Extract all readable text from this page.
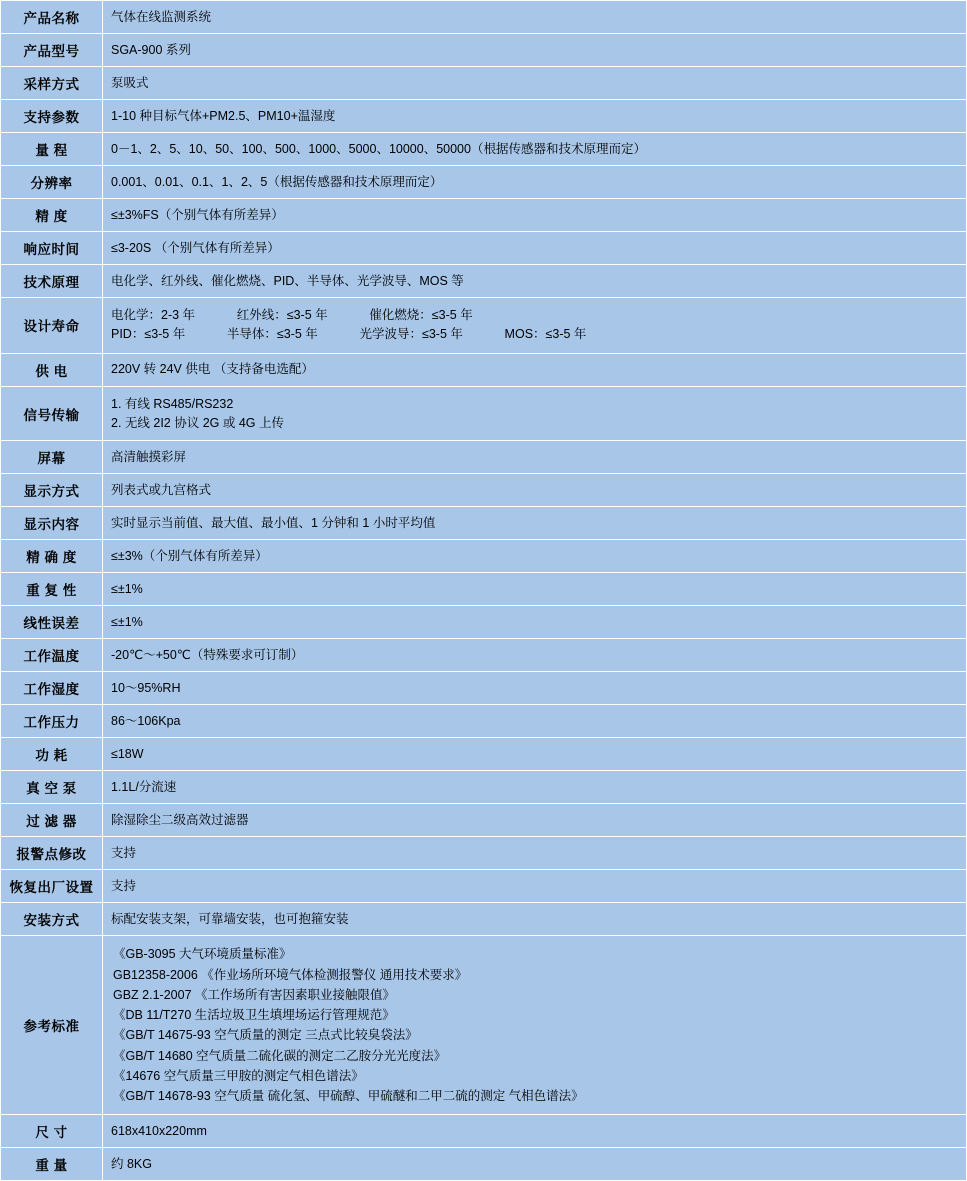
产品名称	气体在线监测系统
产品型号	SGA-900 系列
采样方式	泵吸式
支持参数	1-10 种目标气体+PM2.5、PM10+温湿度
量 程	0－1、2、5、10、50、100、500、1000、5000、10000、50000（根据传感器和技术原理而定）
分辨率	0.001、0.01、0.1、1、2、5（根据传感器和技术原理而定）
精 度	≤±3%FS（个别气体有所差异）
响应时间	≤3-20S （个别气体有所差异）
技术原理	电化学、红外线、催化燃烧、PID、半导体、光学波导、MOS 等
设计寿命	电化学：2-3 年            红外线：≤3-5 年            催化燃烧：≤3-5 年
PID：≤3-5 年            半导体：≤3-5 年            光学波导：≤3-5 年            MOS：≤3-5 年

供 电	220V 转 24V 供电 （支持备电选配）
信号传输	1. 有线 RS485/RS232
2. 无线 2I2 协议 2G 或 4G 上传

屏幕	高清触摸彩屏
显示方式	列表式或九宫格式
显示内容	实时显示当前值、最大值、最小值、1 分钟和 1 小时平均值
精 确 度	≤±3%（个别气体有所差异）
重 复 性	≤±1%
线性误差	≤±1%
工作温度	-20℃～+50℃（特殊要求可订制）
工作湿度	10～95%RH
工作压力	86～106Kpa
功 耗	≤18W
真 空 泵	1.1L/分流速
过 滤 器	除湿除尘二级高效过滤器
报警点修改	支持
恢复出厂设置	支持
安装方式	标配安装支架，可靠墙安装，也可抱箍安装
参考标准	
《GB-3095 大气环境质量标准》
GB12358-2006 《作业场所环境气体检测报警仪 通用技术要求》
GBZ 2.1-2007 《工作场所有害因素职业接触限值》
《DB 11/T270 生活垃圾卫生填埋场运行管理规范》
《GB/T 14675-93 空气质量的测定 三点式比较臭袋法》
《GB/T 14680 空气质量二硫化碳的测定二乙胺分光光度法》
《14676 空气质量三甲胺的测定气相色谱法》
《GB/T 14678-93 空气质量 硫化氢、甲硫醇、甲硫醚和二甲二硫的测定 气相色谱法》

尺 寸	618x410x220mm
重 量	约 8KG
